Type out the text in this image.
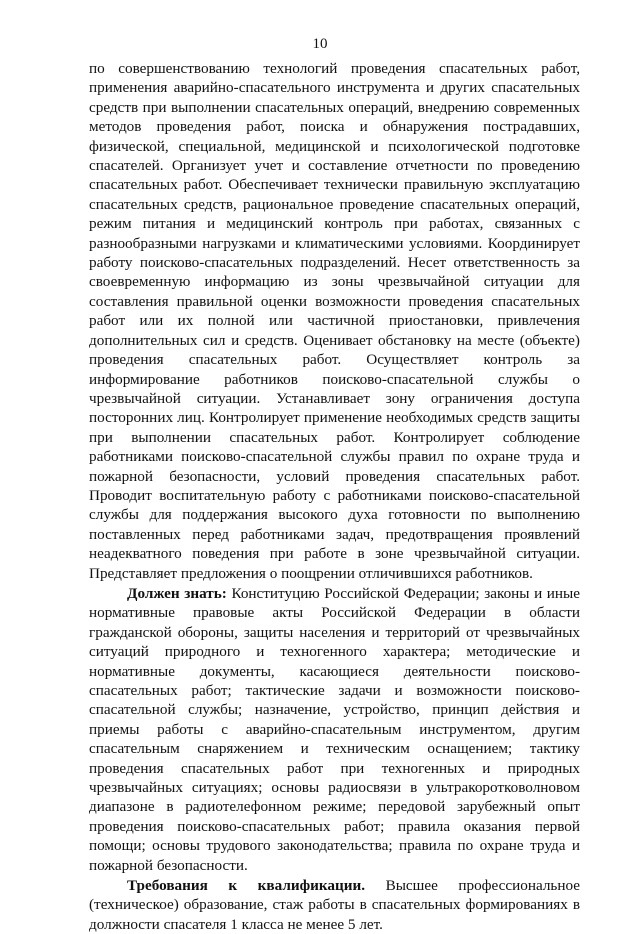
10

по совершенствованию технологий проведения спасательных работ, применения аварийно-спасательного инструмента и других спасательных средств при выполнении спасательных операций, внедрению современных методов проведения работ, поиска и обнаружения пострадавших, физической, специальной, медицинской и психологической подготовке спасателей. Организует учет и составление отчетности по проведению спасательных работ. Обеспечивает технически правильную эксплуатацию спасательных средств, рациональное проведение спасательных операций, режим питания и медицинский контроль при работах, связанных с разнообразными нагрузками и климатическими условиями. Координирует работу поисково-спасательных подразделений. Несет ответственность за своевременную информацию из зоны чрезвычайной ситуации для составления правильной оценки возможности проведения спасательных работ или их полной или частичной приостановки, привлечения дополнительных сил и средств. Оценивает обстановку на месте (объекте) проведения спасательных работ. Осуществляет контроль за информирование работников поисково-спасательной службы о чрезвычайной ситуации. Устанавливает зону ограничения доступа посторонних лиц. Контролирует применение необходимых средств защиты при выполнении спасательных работ. Контролирует соблюдение работниками поисково-спасательной службы правил по охране труда и пожарной безопасности, условий проведения спасательных работ. Проводит воспитательную работу с работниками поисково-спасательной службы для поддержания высокого духа готовности по выполнению поставленных перед работниками задач, предотвращения проявлений неадекватного поведения при работе в зоне чрезвычайной ситуации. Представляет предложения о поощрении отличившихся работников.

Должен знать: Конституцию Российской Федерации; законы и иные нормативные правовые акты Российской Федерации в области гражданской обороны, защиты населения и территорий от чрезвычайных ситуаций природного и техногенного характера; методические и нормативные документы, касающиеся деятельности поисково-спасательных работ; тактические задачи и возможности поисково-спасательной службы; назначение, устройство, принцип действия и приемы работы с аварийно-спасательным инструментом, другим спасательным снаряжением и техническим оснащением; тактику проведения спасательных работ при техногенных и природных чрезвычайных ситуациях; основы радиосвязи в ультракоротковолновом диапазоне в радиотелефонном режиме; передовой зарубежный опыт проведения поисково-спасательных работ; правила оказания первой помощи; основы трудового законодательства; правила по охране труда и пожарной безопасности.

Требования к квалификации. Высшее профессиональное (техническое) образование, стаж работы в спасательных формированиях в должности спасателя 1 класса не менее 5 лет.
